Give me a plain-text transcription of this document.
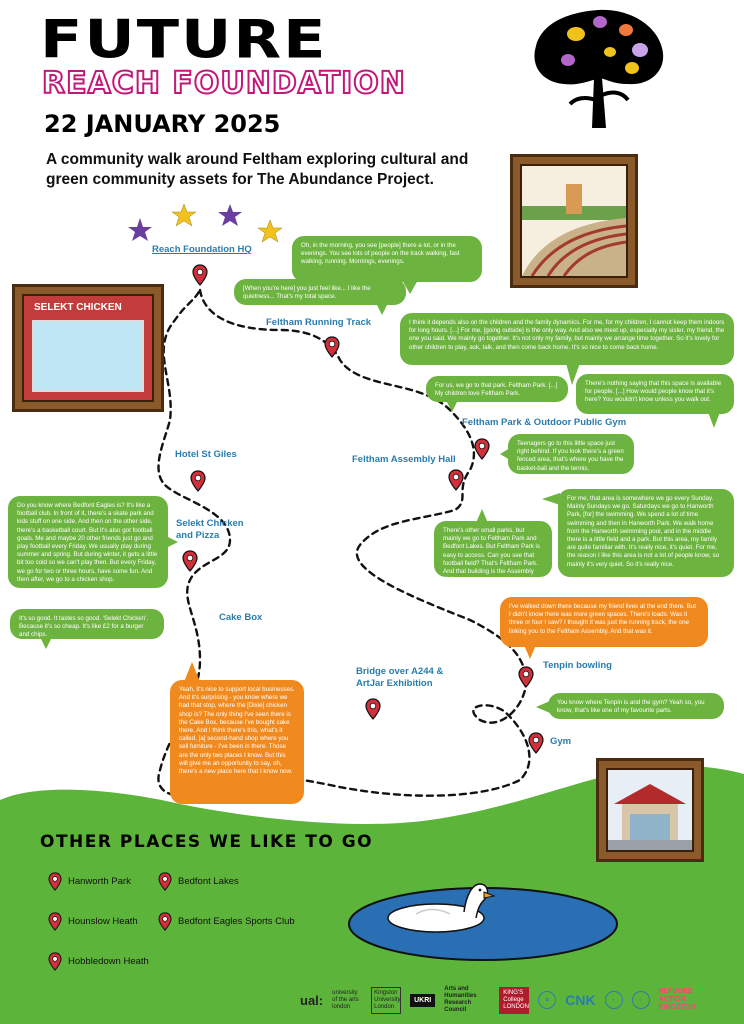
FUTURE
REACH FOUNDATION
22 JANUARY 2025
A community walk around Feltham exploring cultural and green community assets for The Abundance Project.
SELEKT CHICKEN
Reach Foundation HQ
Feltham Running Track
Feltham Park & Outdoor Public Gym
Feltham Assembly Hall
Hotel St Giles
Selekt Chicken and Pizza
Cake Box
Bridge over A244 & ArtJar Exhibition
Tenpin bowling
Gym
Oh, in the morning, you see [people] there a lot, or in the evenings. You see lots of people on the track walking, fast walking, running. Mornings, evenings.
[When you're here] you just feel like... I like the quietness... That's my total space.
I think it depends also on the children and the family dynamics. For me, for my children, I cannot keep them indoors for long hours. [...] For me, [going outside] is the only way. And also we meet up, especially my sister, my friend, the one you said. We mainly go together. It's not only my family, but mainly we arrange time together. So it's lovely for other children to play, ask, talk, and then come back home. It's so nice to come back home.
For us, we go to that park. Feltham Park. [...] My children love Feltham Park.
There's nothing saying that this space is available for people. [...] How would people know that it's here? You wouldn't know unless you walk out.
Teenagers go to this little space just right behind. If you look there's a green fenced area, that's where you have the basket-ball and the tennis.
For me, that area is somewhere we go every Sunday. Mainly Sundays we go. Saturdays we go to Hanworth Park, [for] the swimming. We spend a lot of time swimming and then in Hanworth Park. We walk home from the Hanworth swimming pool, and in the middle there is a little field and a park. But this area, my family are quite familiar with. It's really nice, it's quiet. For me, the reason I like this area is not a lot of people know, so mainly it's very quiet. So it's really nice.
There's other small parks, but mainly we go to Feltham Park and Bedfont Lakes. But Feltham Park is easy to access. Can you see that football field? That's Feltham Park. And that building is the Assembly Hall.
Do you know where Bedfont Eagles is? It's like a football club. In front of it, there's a skate park and kids stuff on one side. And then on the other side, there's a basketball court. But it's also got football goals. Me and maybe 20 other friends just go and play football every Friday. We usually play during summer and spring. But during winter, it gets a little bit too cold so we can't play then. But every Friday, we go for two or three hours, have some fun. And then after, we go to a chicken shop.
It's so good. It tastes so good. 'Selekt Chicken'. Because it's so cheap. It's like £2 for a burger and chips.
I've walked down there because my friend lives at the end there. But I didn't know there was more green spaces. There's loads. Was it three or four I saw? I thought it was just the running track, the one linking you to the Feltham Assembly. And that was it.
Yeah, it's nice to support local businesses. And it's surprising - you know where we had that stop, where the [Dixie] chicken shop is? The only thing I've seen there is the Cake Box, because I've bought cake there. And I think there's this, what's it called, [a] second-hand shop where you sell furniture - I've been in there. Those are the only two places I know. But this will give me an opportunity to say, oh, there's a new place here that I know now.
You know where Tenpin is and the gym? Yeah so, you know, that's like one of my favourite parts.
OTHER PLACES WE LIKE TO GO
Hanworth Park	Bedfont Lakes
Hounslow Heath	Bedfont Eagles Sports Club
Hobbledown Heath
ual: university of the arts london
Kingston University London
UKRI
Arts and Humanities Research Council
KING'S College LONDON
✿	CNK	◐	○
REFUGEE ACTION KINGSTON
